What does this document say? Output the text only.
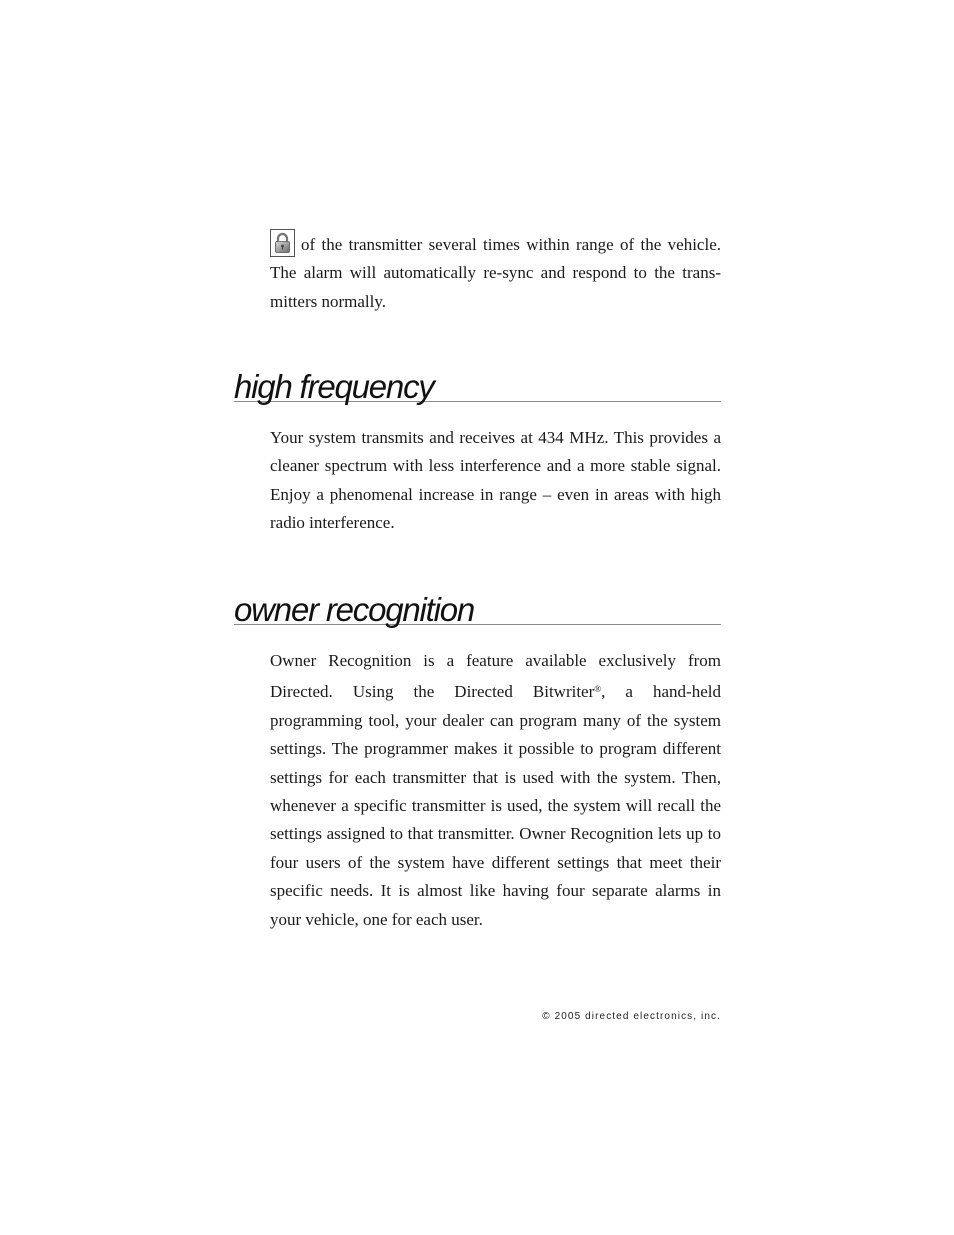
of the transmitter several times within range of the vehicle. The alarm will automatically re-sync and respond to the trans-mitters normally.

high frequency

Your system transmits and receives at 434 MHz. This provides a cleaner spectrum with less interference and a more stable signal. Enjoy a phenomenal increase in range – even in areas with high radio interference.

owner recognition

Owner Recognition is a feature available exclusively from Directed. Using the Directed Bitwriter®, a hand-held programming tool, your dealer can program many of the system settings. The programmer makes it possible to program different settings for each transmitter that is used with the system. Then, whenever a specific transmitter is used, the system will recall the settings assigned to that transmitter. Owner Recognition lets up to four users of the system have different settings that meet their specific needs. It is almost like having four separate alarms in your vehicle, one for each user.

© 2005 directed electronics, inc.
